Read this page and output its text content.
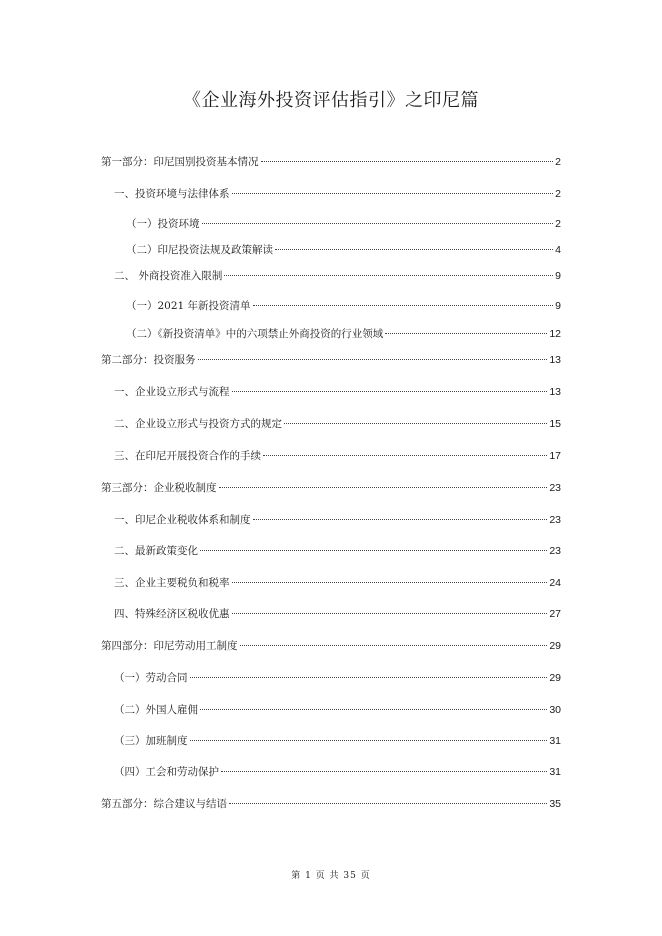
《企业海外投资评估指引》之印尼篇
第一部分：印尼国别投资基本情况	2
一、投资环境与法律体系	2
（一）投资环境	2
（二）印尼投资法规及政策解读	4
二、 外商投资准入限制	9
（一）2021 年新投资清单	9
（二）《新投资清单》中的六项禁止外商投资的行业领域	12
第二部分：投资服务	13
一、企业设立形式与流程	13
二、企业设立形式与投资方式的规定	15
三、在印尼开展投资合作的手续	17
第三部分：企业税收制度	23
一、印尼企业税收体系和制度	23
二、最新政策变化	23
三、企业主要税负和税率	24
四、特殊经济区税收优惠	27
第四部分：印尼劳动用工制度	29
（一）劳动合同	29
（二）外国人雇佣	30
（三）加班制度	31
（四）工会和劳动保护	31
第五部分：综合建议与结语	35
第 1 页 共 35 页
